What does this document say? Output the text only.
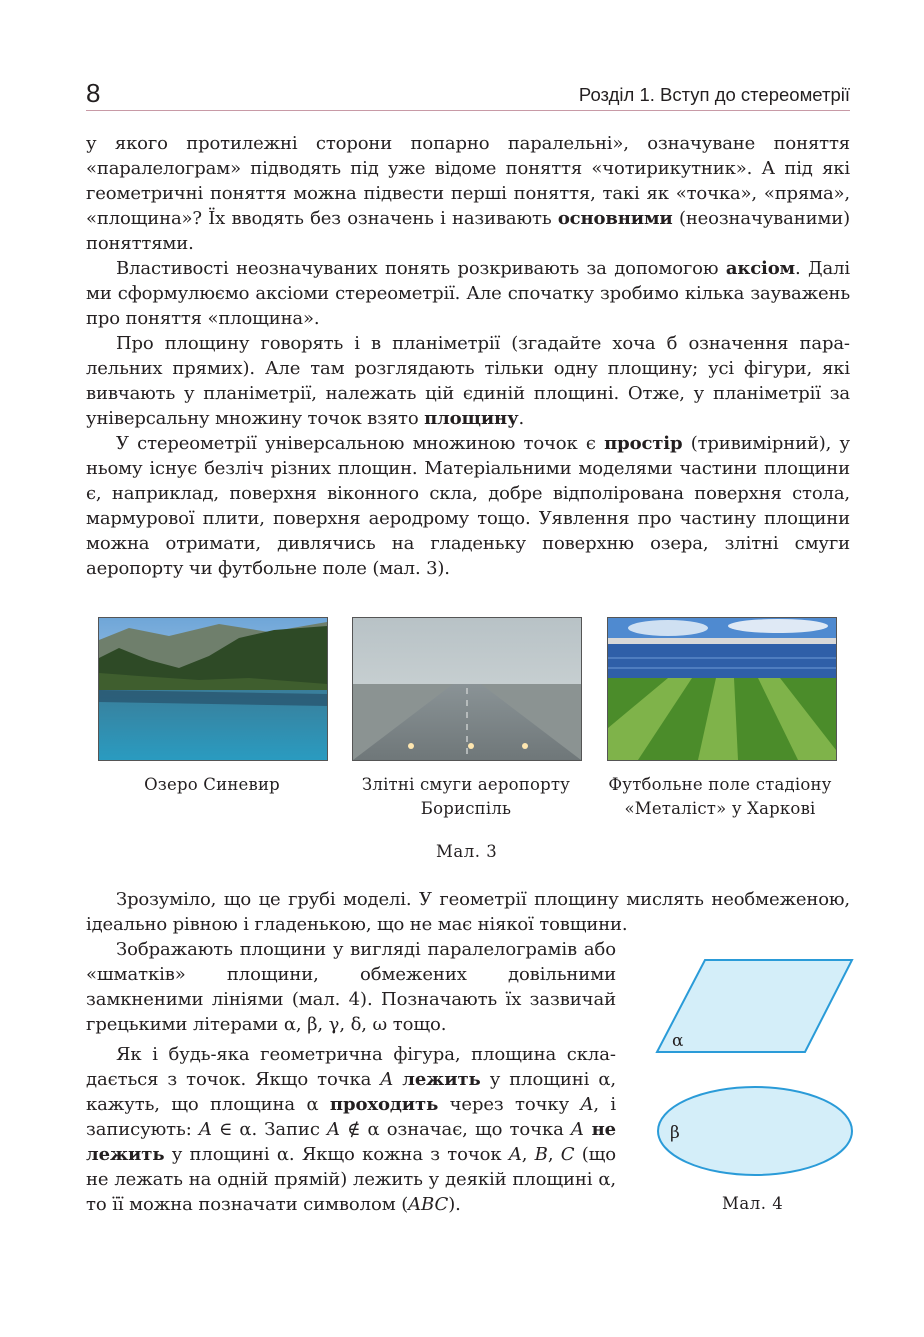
8	Розділ 1. Вступ до стереометрії

у якого протилежні сторони попарно паралельні», означуване поняття «паралелограм» підводять під уже відоме поняття «чотирикутник». А під які геометричні поняття можна підвести перші поняття, такі як «точка», «пряма», «площина»? Їх вводять без означень і називають основними (неозначуваними) поняттями.

Властивості неозначуваних понять розкривають за допомогою аксіом. Далі ми сформулюємо аксіоми стереометрії. Але спочатку зробимо кілька зауважень про поняття «площина».

Про площину говорять і в планіметрії (згадайте хоча б означення паралельних прямих). Але там розглядають тільки одну площину; усі фігури, які вивчають у планіметрії, належать цій єдиній площині. Отже, у планіметрії за універсальну множину точок взято площину.

У стереометрії універсальною множиною точок є простір (тривимірний), у ньому існує безліч різних площин. Матеріальними моделями частини площини є, наприклад, поверхня віконного скла, добре відполірована поверхня стола, мармурової плити, поверхня аеродрому тощо. Уявлення про частину площини можна отримати, дивлячись на гладеньку поверхню озера, злітні смуги аеропорту чи футбольне поле (мал. 3).

Озеро Синевир	Злітні смуги аеропорту
Бориспіль
Футбольне поле стадіону
«Металіст» у Харкові
Мал. 3

Зрозуміло, що це грубі моделі. У геометрії площину мислять необмеженою, ідеально рівною і гладенькою, що не має ніякої товщини.

Зображають площини у вигляді паралелограмів або «шматків» площини, обмежених довільними замкненими лініями (мал. 4). Позначають їх зазвичай грецькими літерами α, β, γ, δ, ω тощо.

Як і будь-яка геометрична фігура, площина складається з точок. Якщо точка A лежить у площині α, кажуть, що площина α проходить через точку A, і записують: A ∈ α. Запис A ∉ α означає, що точка A не лежить у площині α. Якщо кожна з точок A, B, C (що не лежать на одній прямій) лежить у деякій площині α, то її можна позначати символом (ABC).

α
β
Мал. 4
